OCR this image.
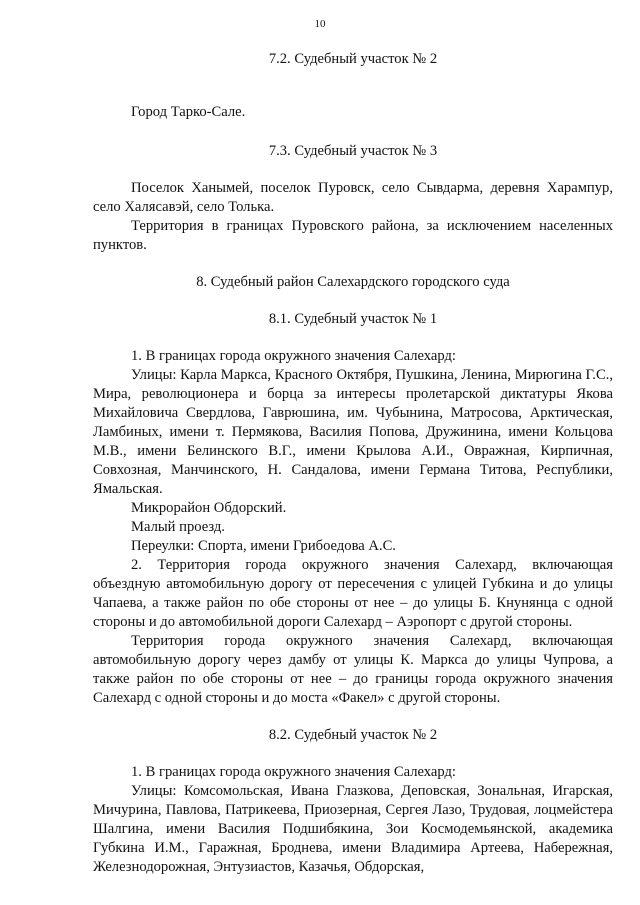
10

7.2. Судебный участок № 2

Город Тарко-Сале.

7.3. Судебный участок № 3

Поселок Ханымей, поселок Пуровск, село Сывдарма, деревня Харампур, село Халясавэй, село Толька.

Территория в границах Пуровского района, за исключением населенных пунктов.

8. Судебный район Салехардского городского суда

8.1. Судебный участок № 1

1. В границах города окружного значения Салехард:

Улицы: Карла Маркса, Красного Октября, Пушкина, Ленина, Мирюгина Г.С., Мира, революционера и борца за интересы пролетарской диктатуры Якова Михайловича Свердлова, Гаврюшина, им. Чубынина, Матросова, Арктическая, Ламбиных, имени т. Пермякова, Василия Попова, Дружинина, имени Кольцова М.В., имени Белинского В.Г., имени Крылова А.И., Овражная, Кирпичная, Совхозная, Манчинского, Н. Сандалова, имени Германа Титова, Республики, Ямальская.

Микрорайон Обдорский.

Малый проезд.

Переулки: Спорта, имени Грибоедова А.С.

2. Территория города окружного значения Салехард, включающая объездную автомобильную дорогу от пересечения с улицей Губкина и до улицы Чапаева, а также район по обе стороны от нее – до улицы Б. Кнунянца с одной стороны и до автомобильной дороги Салехард – Аэропорт с другой стороны.

Территория города окружного значения Салехард, включающая автомобильную дорогу через дамбу от улицы К. Маркса до улицы Чупрова, а также район по обе стороны от нее – до границы города окружного значения Салехард с одной стороны и до моста «Факел» с другой стороны.

8.2. Судебный участок № 2

1. В границах города окружного значения Салехард:

Улицы: Комсомольская, Ивана Глазкова, Деповская, Зональная, Игарская, Мичурина, Павлова, Патрикеева, Приозерная, Сергея Лазо, Трудовая, лоцмейстера Шалгина, имени Василия Подшибякина, Зои Космодемьянской, академика Губкина И.М., Гаражная, Броднева, имени Владимира Артеева, Набережная, Железнодорожная, Энтузиастов, Казачья, Обдорская,
